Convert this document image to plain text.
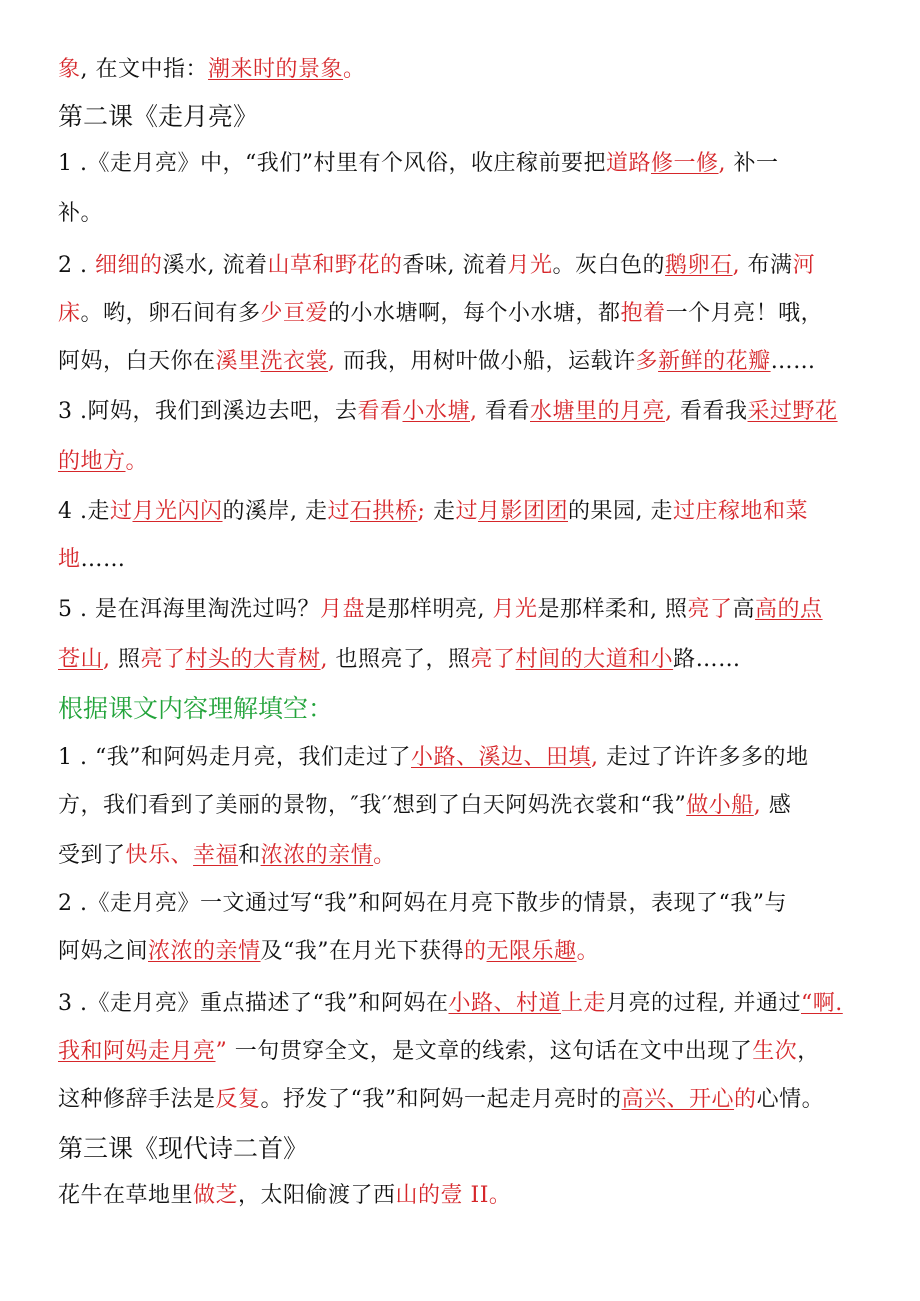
象, 在文中指：潮来时的景象。
第二课《走月亮》
1 .《走月亮》中，“我们”村里有个风俗，收庄稼前要把道路修一修, 补一
补。
2 . 细细的溪水, 流着山草和野花的香味, 流着月光。灰白色的鹅卵石, 布满河
床。哟，卵石间有多少亘爱的小水塘啊，每个小水塘，都抱着一个月亮！哦，
阿妈，白天你在溪里洗衣裳, 而我，用树叶做小船，运载许多新鲜的花瓣……
3 .阿妈，我们到溪边去吧，去看看小水塘, 看看水塘里的月亮, 看看我采过野花
的地方。
4 .走过月光闪闪的溪岸, 走过石拱桥; 走过月影团团的果园, 走过庄稼地和菜
地……
5 . 是在洱海里淘洗过吗？月盘是那样明亮, 月光是那样柔和, 照亮了高高的点
苍山, 照亮了村头的大青树, 也照亮了，照亮了村间的大道和小路……
根据课文内容理解填空：
1 . “我”和阿妈走月亮，我们走过了小路、溪边、田填, 走过了许许多多的地
方，我们看到了美丽的景物，″我′′想到了白天阿妈洗衣裳和“我”做小船, 感
受到了快乐、幸福和浓浓的亲情。
2 .《走月亮》一文通过写“我”和阿妈在月亮下散步的情景，表现了“我”与
阿妈之间浓浓的亲情及“我”在月光下获得的无限乐趣。
3 .《走月亮》重点描述了“我”和阿妈在小路、村道上走月亮的过程, 并通过“啊.
我和阿妈走月亮” 一句贯穿全文，是文章的线索，这句话在文中出现了生次，
这种修辞手法是反复。抒发了“我”和阿妈一起走月亮时的高兴、开心的心情。
第三课《现代诗二首》
花牛在草地里做芝，太阳偷渡了西山的壹 II。
